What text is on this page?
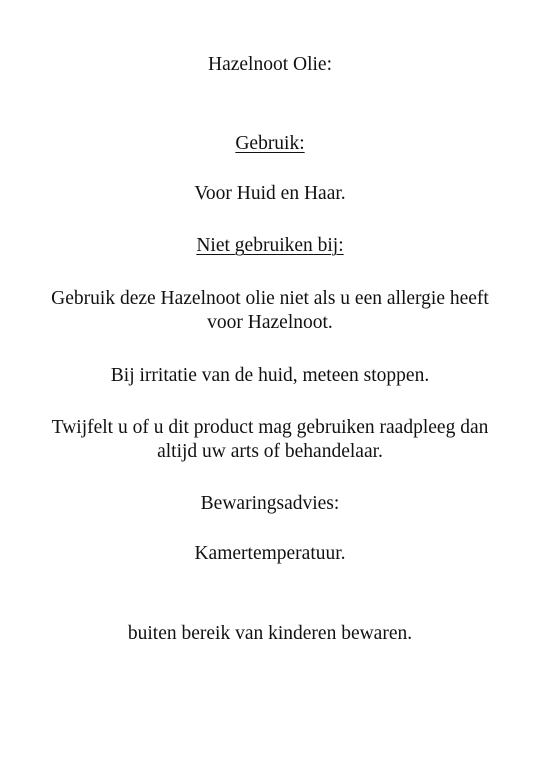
Hazelnoot Olie:
Gebruik:
Voor Huid en Haar.
Niet gebruiken bij:
Gebruik deze Hazelnoot olie niet als u een allergie heeft
voor Hazelnoot.
Bij irritatie van de huid, meteen stoppen.
Twijfelt u of u dit product mag gebruiken raadpleeg dan
altijd uw arts of behandelaar.
Bewaringsadvies:
Kamertemperatuur.
buiten bereik van kinderen bewaren.
